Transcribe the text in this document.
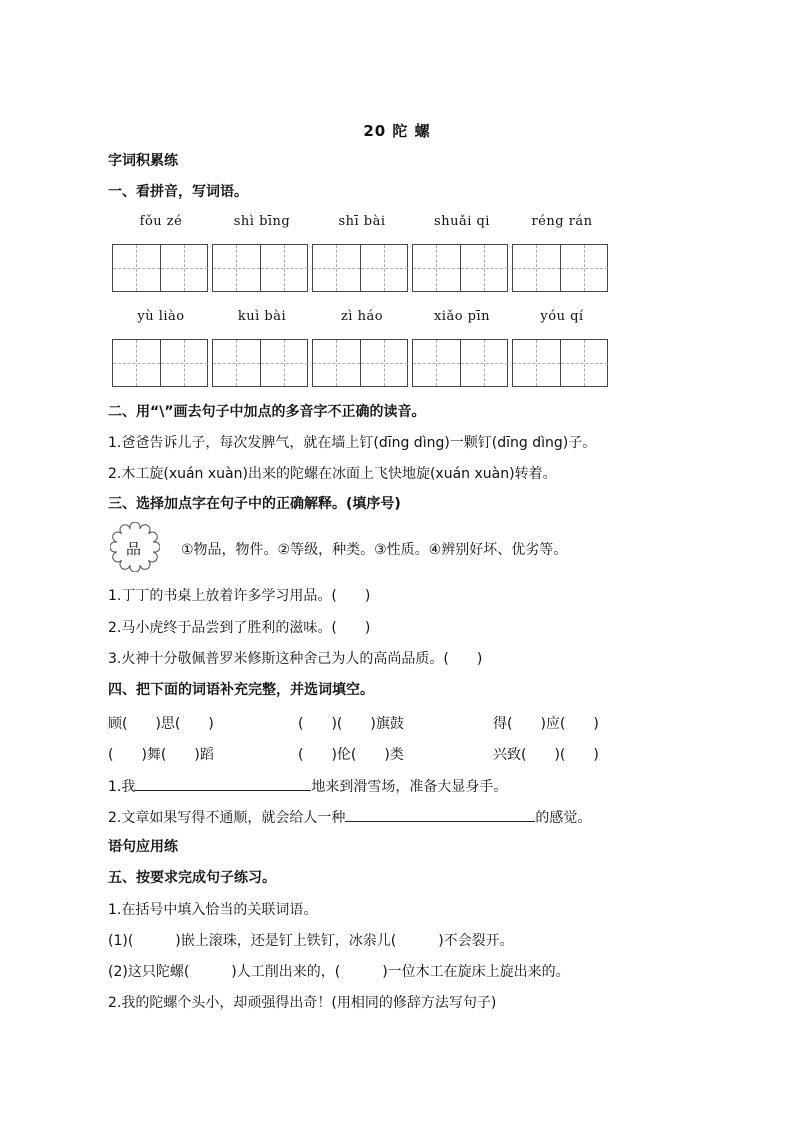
20 陀 螺
字词积累练
一、看拼音，写词语。
fǒu zé	shì bīng	shī bài	shuǎi qi	réng rán
yù liào	kuì bài	zì háo	xiǎo pīn	yóu qí
二、用“\”画去句子中加点的多音字不正确的读音。
1.爸爸告诉儿子，每次发脾气，就在墙上钉(dīng dìng)一颗钉(dīng dìng)子。
2.木工旋(xuán xuàn)出来的陀螺在冰面上飞快地旋(xuán xuàn)转着。
三、选择加点字在句子中的正确解释。(填序号)
品	①物品，物件。②等级，种类。③性质。④辨别好坏、优劣等。
1.丁丁的书桌上放着许多学习用品。(　　)
2.马小虎终于品尝到了胜利的滋味。(　　)
3.火神十分敬佩普罗米修斯这种舍己为人的高尚品质。(　　)
四、把下面的词语补充完整，并选词填空。
顾(　　)思(　　)	(　　)(　　)旗鼓	得(　　)应(　　)
(　　)舞(　　)蹈	(　　)伦(　　)类	兴致(　　)(　　)
1.我	地来到滑雪场，准备大显身手。
2.文章如果写得不通顺，就会给人一种	的感觉。
语句应用练
五、按要求完成句子练习。
1.在括号中填入恰当的关联词语。
(1)(　　　)嵌上滚珠，还是钉上铁钉，冰尜儿(　　　)不会裂开。
(2)这只陀螺(　　　)人工削出来的，(　　　)一位木工在旋床上旋出来的。
2.我的陀螺个头小，却顽强得出奇！(用相同的修辞方法写句子)
